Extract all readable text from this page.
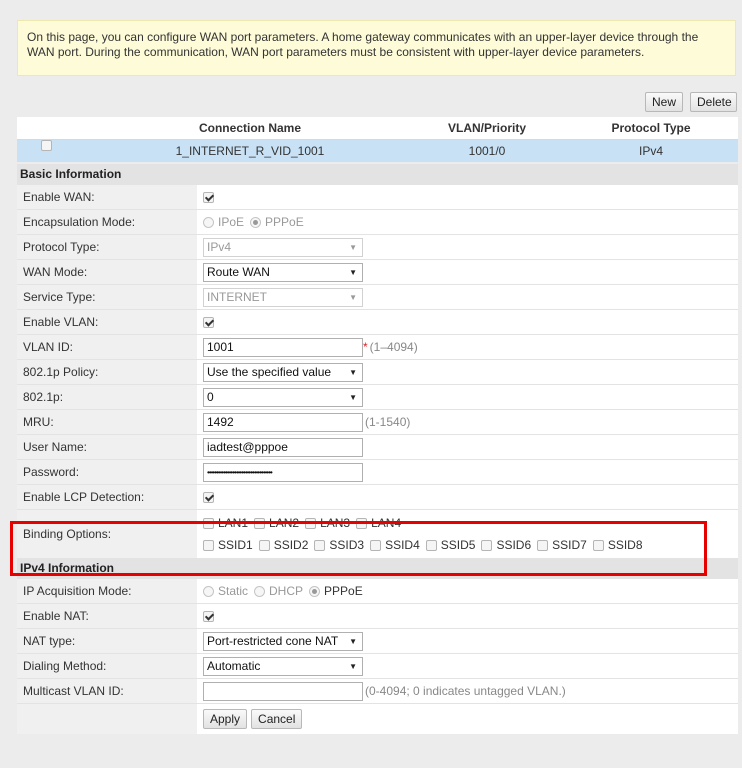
On this page, you can configure WAN port parameters. A home gateway communicates with an upper-layer device through the WAN port. During the communication, WAN port parameters must be consistent with upper-layer device parameters.
New	Delete
Connection Name	VLAN/Priority	Protocol Type
1_INTERNET_R_VID_1001	1001/0	IPv4
Basic Information
Enable WAN:
Encapsulation Mode:	IPoE PPPoE
Protocol Type:	IPv4	▼
WAN Mode:	Route WAN	▼
Service Type:	INTERNET	▼
Enable VLAN:
VLAN ID:	1001	* (1–4094)
802.1p Policy:	Use the specified value ▼
802.1p:	0	▼
MRU:	1492	(1-1540)
User Name:	iadtest@pppoe
Password:	••••••••••••••••••••••••••••••••••••
Enable LCP Detection:
Binding Options:
LAN1 LAN2 LAN3 LAN4
SSID1 SSID2 SSID3 SSID4 SSID5 SSID6 SSID7 SSID8
IPv4 Information
IP Acquisition Mode:	Static DHCP PPPoE
Enable NAT:
NAT type:	Port-restricted cone NAT ▼
Dialing Method:	Automatic	▼
Multicast VLAN ID:	(0-4094; 0 indicates untagged VLAN.)
Apply	Cancel
